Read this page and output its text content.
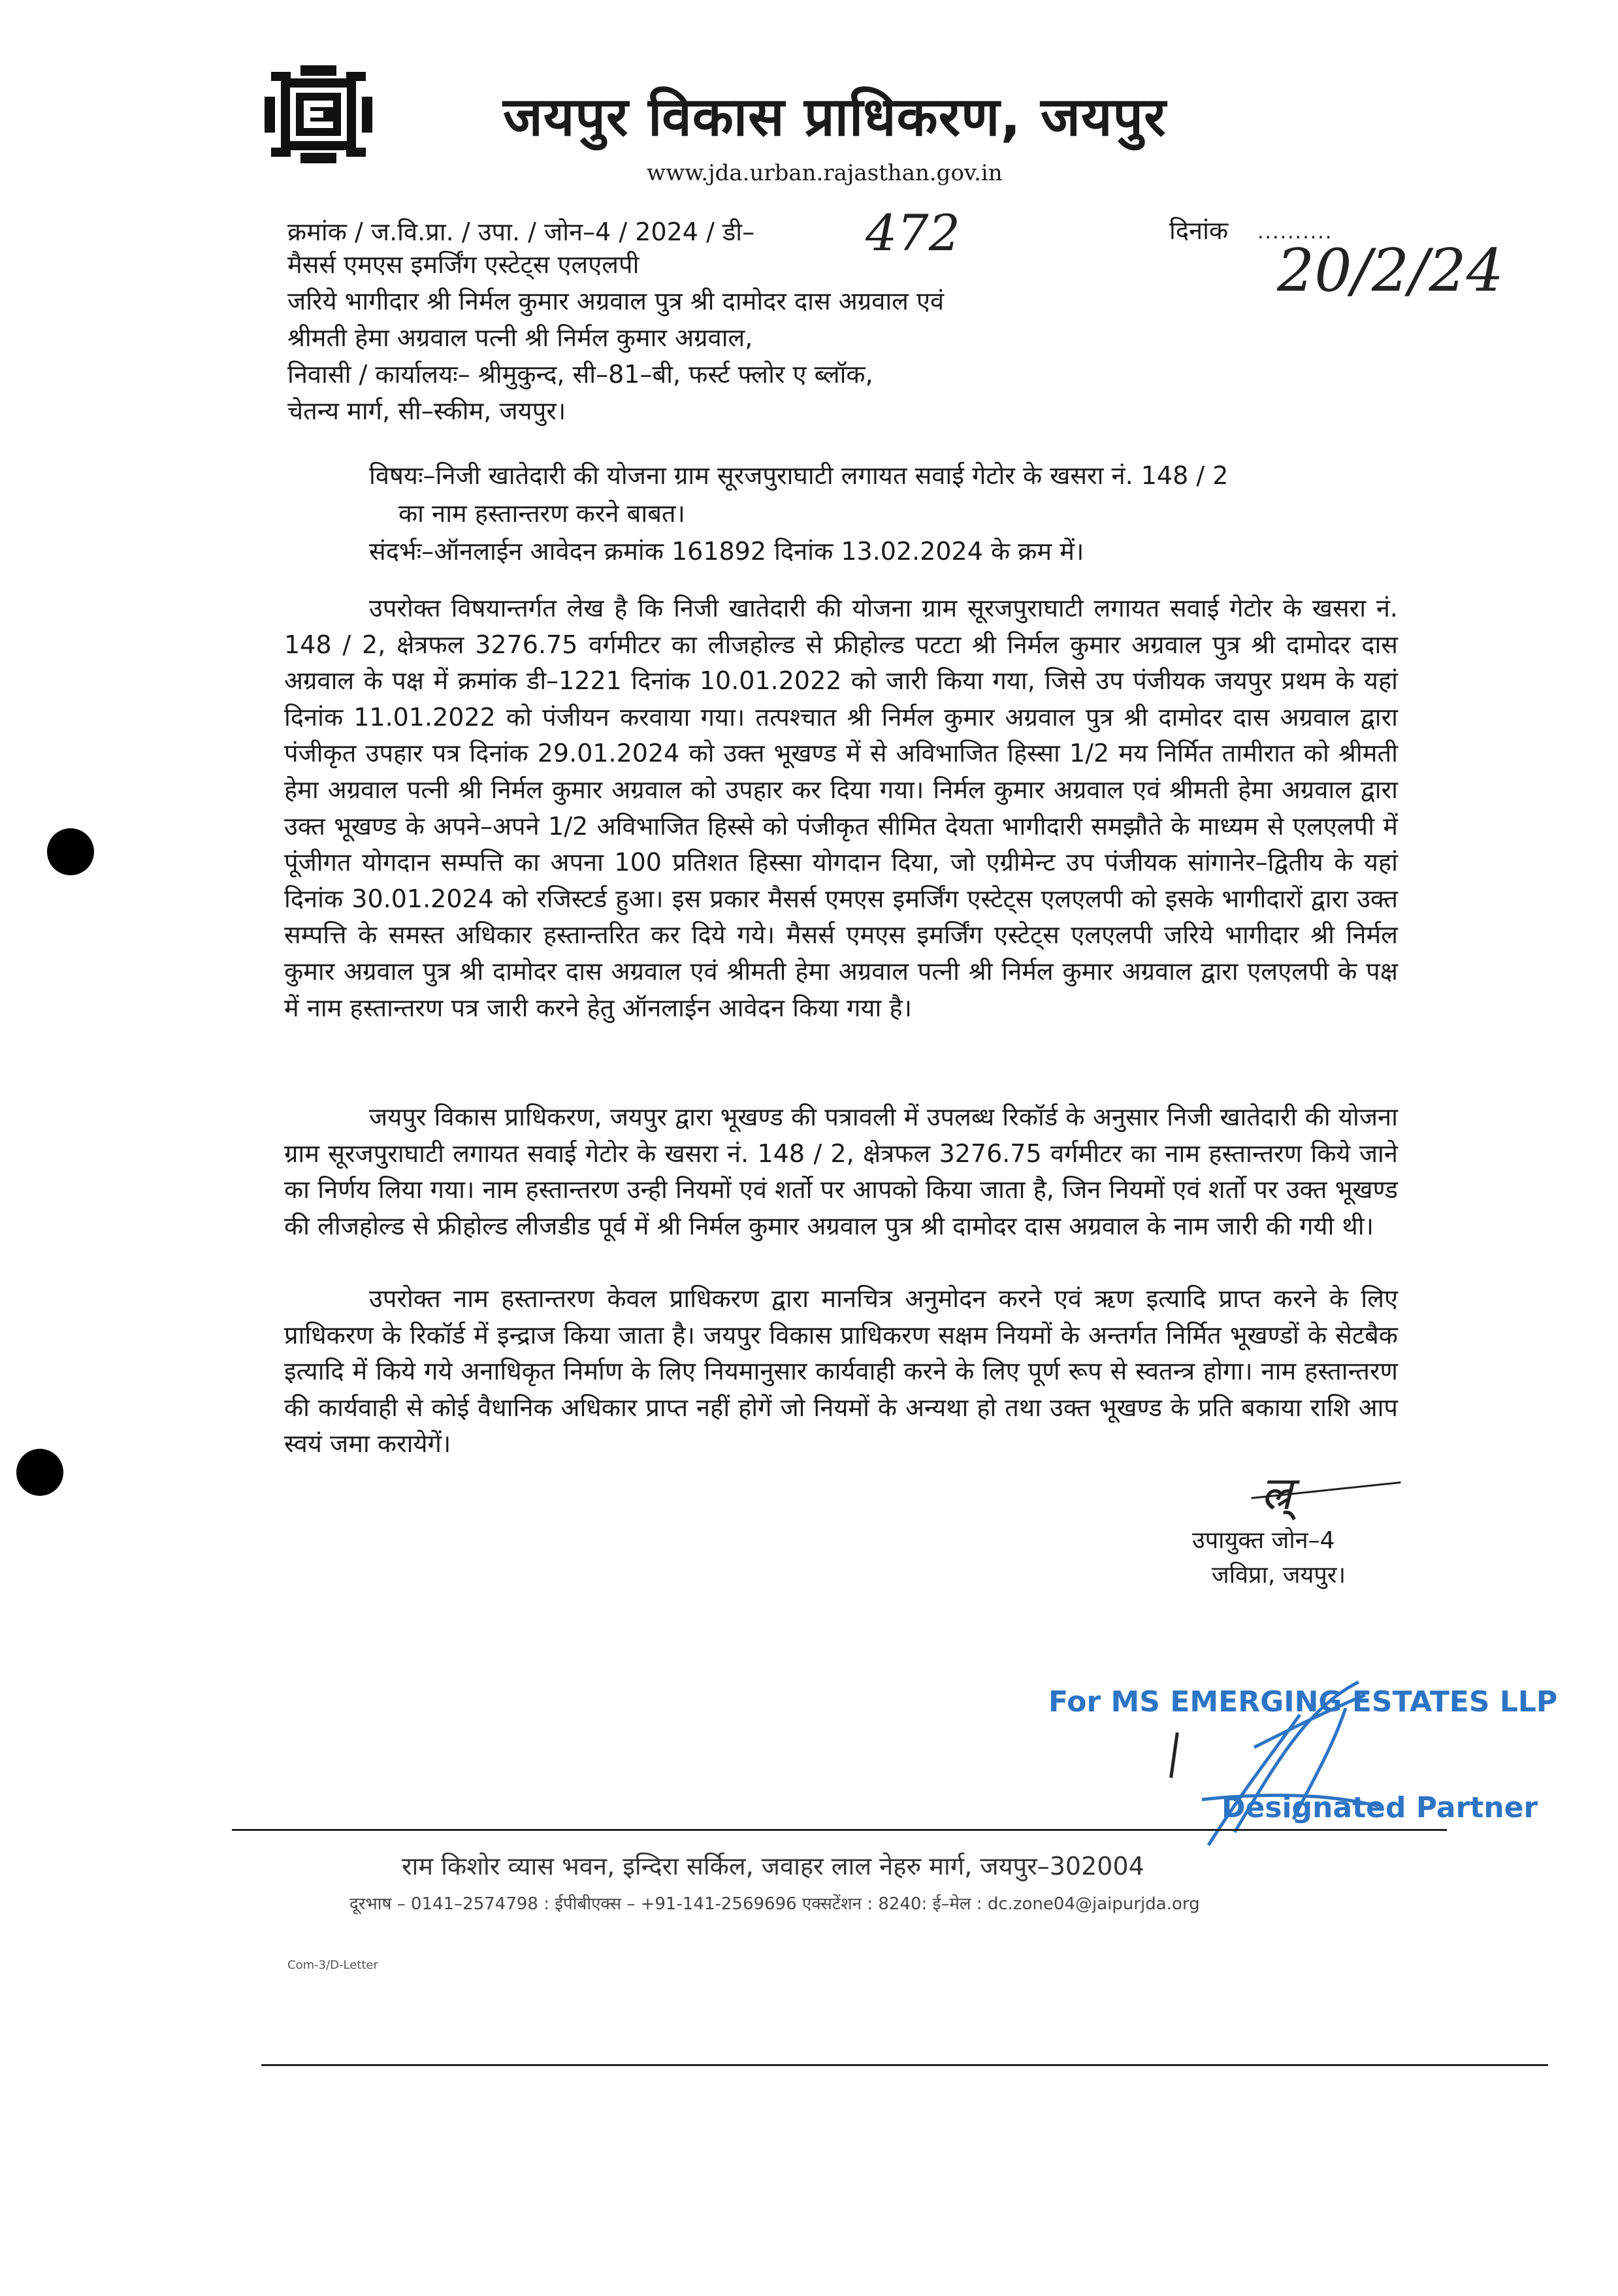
जयपुर विकास प्राधिकरण, जयपुर
www.jda.urban.rajasthan.gov.in
क्रमांक / ज.वि.प्रा. / उपा. / जोन–4 / 2024 / डी– 472	दिनांक ..........
20/2/24
मैसर्स एमएस इमर्जिंग एस्टेट्स एलएलपी
जरिये भागीदार श्री निर्मल कुमार अग्रवाल पुत्र श्री दामोदर दास अग्रवाल एवं
श्रीमती हेमा अग्रवाल पत्नी श्री निर्मल कुमार अग्रवाल,
निवासी / कार्यालयः– श्रीमुकुन्द, सी–81–बी, फर्स्ट फ्लोर ए ब्लॉक,
चेतन्य मार्ग, सी–स्कीम, जयपुर।
विषयः–निजी खातेदारी की योजना ग्राम सूरजपुराघाटी लगायत सवाई गेटोर के खसरा नं. 148 / 2
का नाम हस्तान्तरण करने बाबत।
संदर्भः–ऑनलाईन आवेदन क्रमांक 161892 दिनांक 13.02.2024 के क्रम में।
उपरोक्त विषयान्तर्गत लेख है कि निजी खातेदारी की योजना ग्राम सूरजपुराघाटी लगायत सवाई गेटोर के खसरा नं. 148 / 2, क्षेत्रफल 3276.75 वर्गमीटर का लीजहोल्ड से फ्रीहोल्ड पटटा श्री निर्मल कुमार अग्रवाल पुत्र श्री दामोदर दास अग्रवाल के पक्ष में क्रमांक डी–1221 दिनांक 10.01.2022 को जारी किया गया, जिसे उप पंजीयक जयपुर प्रथम के यहां दिनांक 11.01.2022 को पंजीयन करवाया गया। तत्पश्चात श्री निर्मल कुमार अग्रवाल पुत्र श्री दामोदर दास अग्रवाल द्वारा पंजीकृत उपहार पत्र दिनांक 29.01.2024 को उक्त भूखण्ड में से अविभाजित हिस्सा 1/2 मय निर्मित तामीरात को श्रीमती हेमा अग्रवाल पत्नी श्री निर्मल कुमार अग्रवाल को उपहार कर दिया गया। निर्मल कुमार अग्रवाल एवं श्रीमती हेमा अग्रवाल द्वारा उक्त भूखण्ड के अपने–अपने 1/2 अविभाजित हिस्से को पंजीकृत सीमित देयता भागीदारी समझौते के माध्यम से एलएलपी में पूंजीगत योगदान सम्पत्ति का अपना 100 प्रतिशत हिस्सा योगदान दिया, जो एग्रीमेन्ट उप पंजीयक सांगानेर–द्वितीय के यहां दिनांक 30.01.2024 को रजिस्टर्ड हुआ। इस प्रकार मैसर्स एमएस इमर्जिंग एस्टेट्स एलएलपी को इसके भागीदारों द्वारा उक्त सम्पत्ति के समस्त अधिकार हस्तान्तरित कर दिये गये। मैसर्स एमएस इमर्जिंग एस्टेट्स एलएलपी जरिये भागीदार श्री निर्मल कुमार अग्रवाल पुत्र श्री दामोदर दास अग्रवाल एवं श्रीमती हेमा अग्रवाल पत्नी श्री निर्मल कुमार अग्रवाल द्वारा एलएलपी के पक्ष में नाम हस्तान्तरण पत्र जारी करने हेतु ऑनलाईन आवेदन किया गया है।
जयपुर विकास प्राधिकरण, जयपुर द्वारा भूखण्ड की पत्रावली में उपलब्ध रिकॉर्ड के अनुसार निजी खातेदारी की योजना ग्राम सूरजपुराघाटी लगायत सवाई गेटोर के खसरा नं. 148 / 2, क्षेत्रफल 3276.75 वर्गमीटर का नाम हस्तान्तरण किये जाने का निर्णय लिया गया। नाम हस्तान्तरण उन्ही नियमों एवं शर्तो पर आपको किया जाता है, जिन नियमों एवं शर्तो पर उक्त भूखण्ड की लीजहोल्ड से फ्रीहोल्ड लीजडीड पूर्व में श्री निर्मल कुमार अग्रवाल पुत्र श्री दामोदर दास अग्रवाल के नाम जारी की गयी थी।
उपरोक्त नाम हस्तान्तरण केवल प्राधिकरण द्वारा मानचित्र अनुमोदन करने एवं ऋण इत्यादि प्राप्त करने के लिए प्राधिकरण के रिकॉर्ड में इन्द्राज किया जाता है। जयपुर विकास प्राधिकरण सक्षम नियमों के अन्तर्गत निर्मित भूखण्डों के सेटबैक इत्यादि में किये गये अनाधिकृत निर्माण के लिए नियमानुसार कार्यवाही करने के लिए पूर्ण रूप से स्वतन्त्र होगा। नाम हस्तान्तरण की कार्यवाही से कोई वैधानिक अधिकार प्राप्त नहीं होगें जो नियमों के अन्यथा हो तथा उक्त भूखण्ड के प्रति बकाया राशि आप स्वयं जमा करायेगें।
ल्र्
उपायुक्त जोन–4
जविप्रा, जयपुर।
For MS EMERGING ESTATES LLP
Designated Partner
राम किशोर व्यास भवन, इन्दिरा सर्किल, जवाहर लाल नेहरु मार्ग, जयपुर–302004
दूरभाष – 0141–2574798 : ईपीबीएक्स – +91-141-2569696 एक्सटेंशन : 8240: ई–मेल : dc.zone04@jaipurjda.org
Com-3/D-Letter
